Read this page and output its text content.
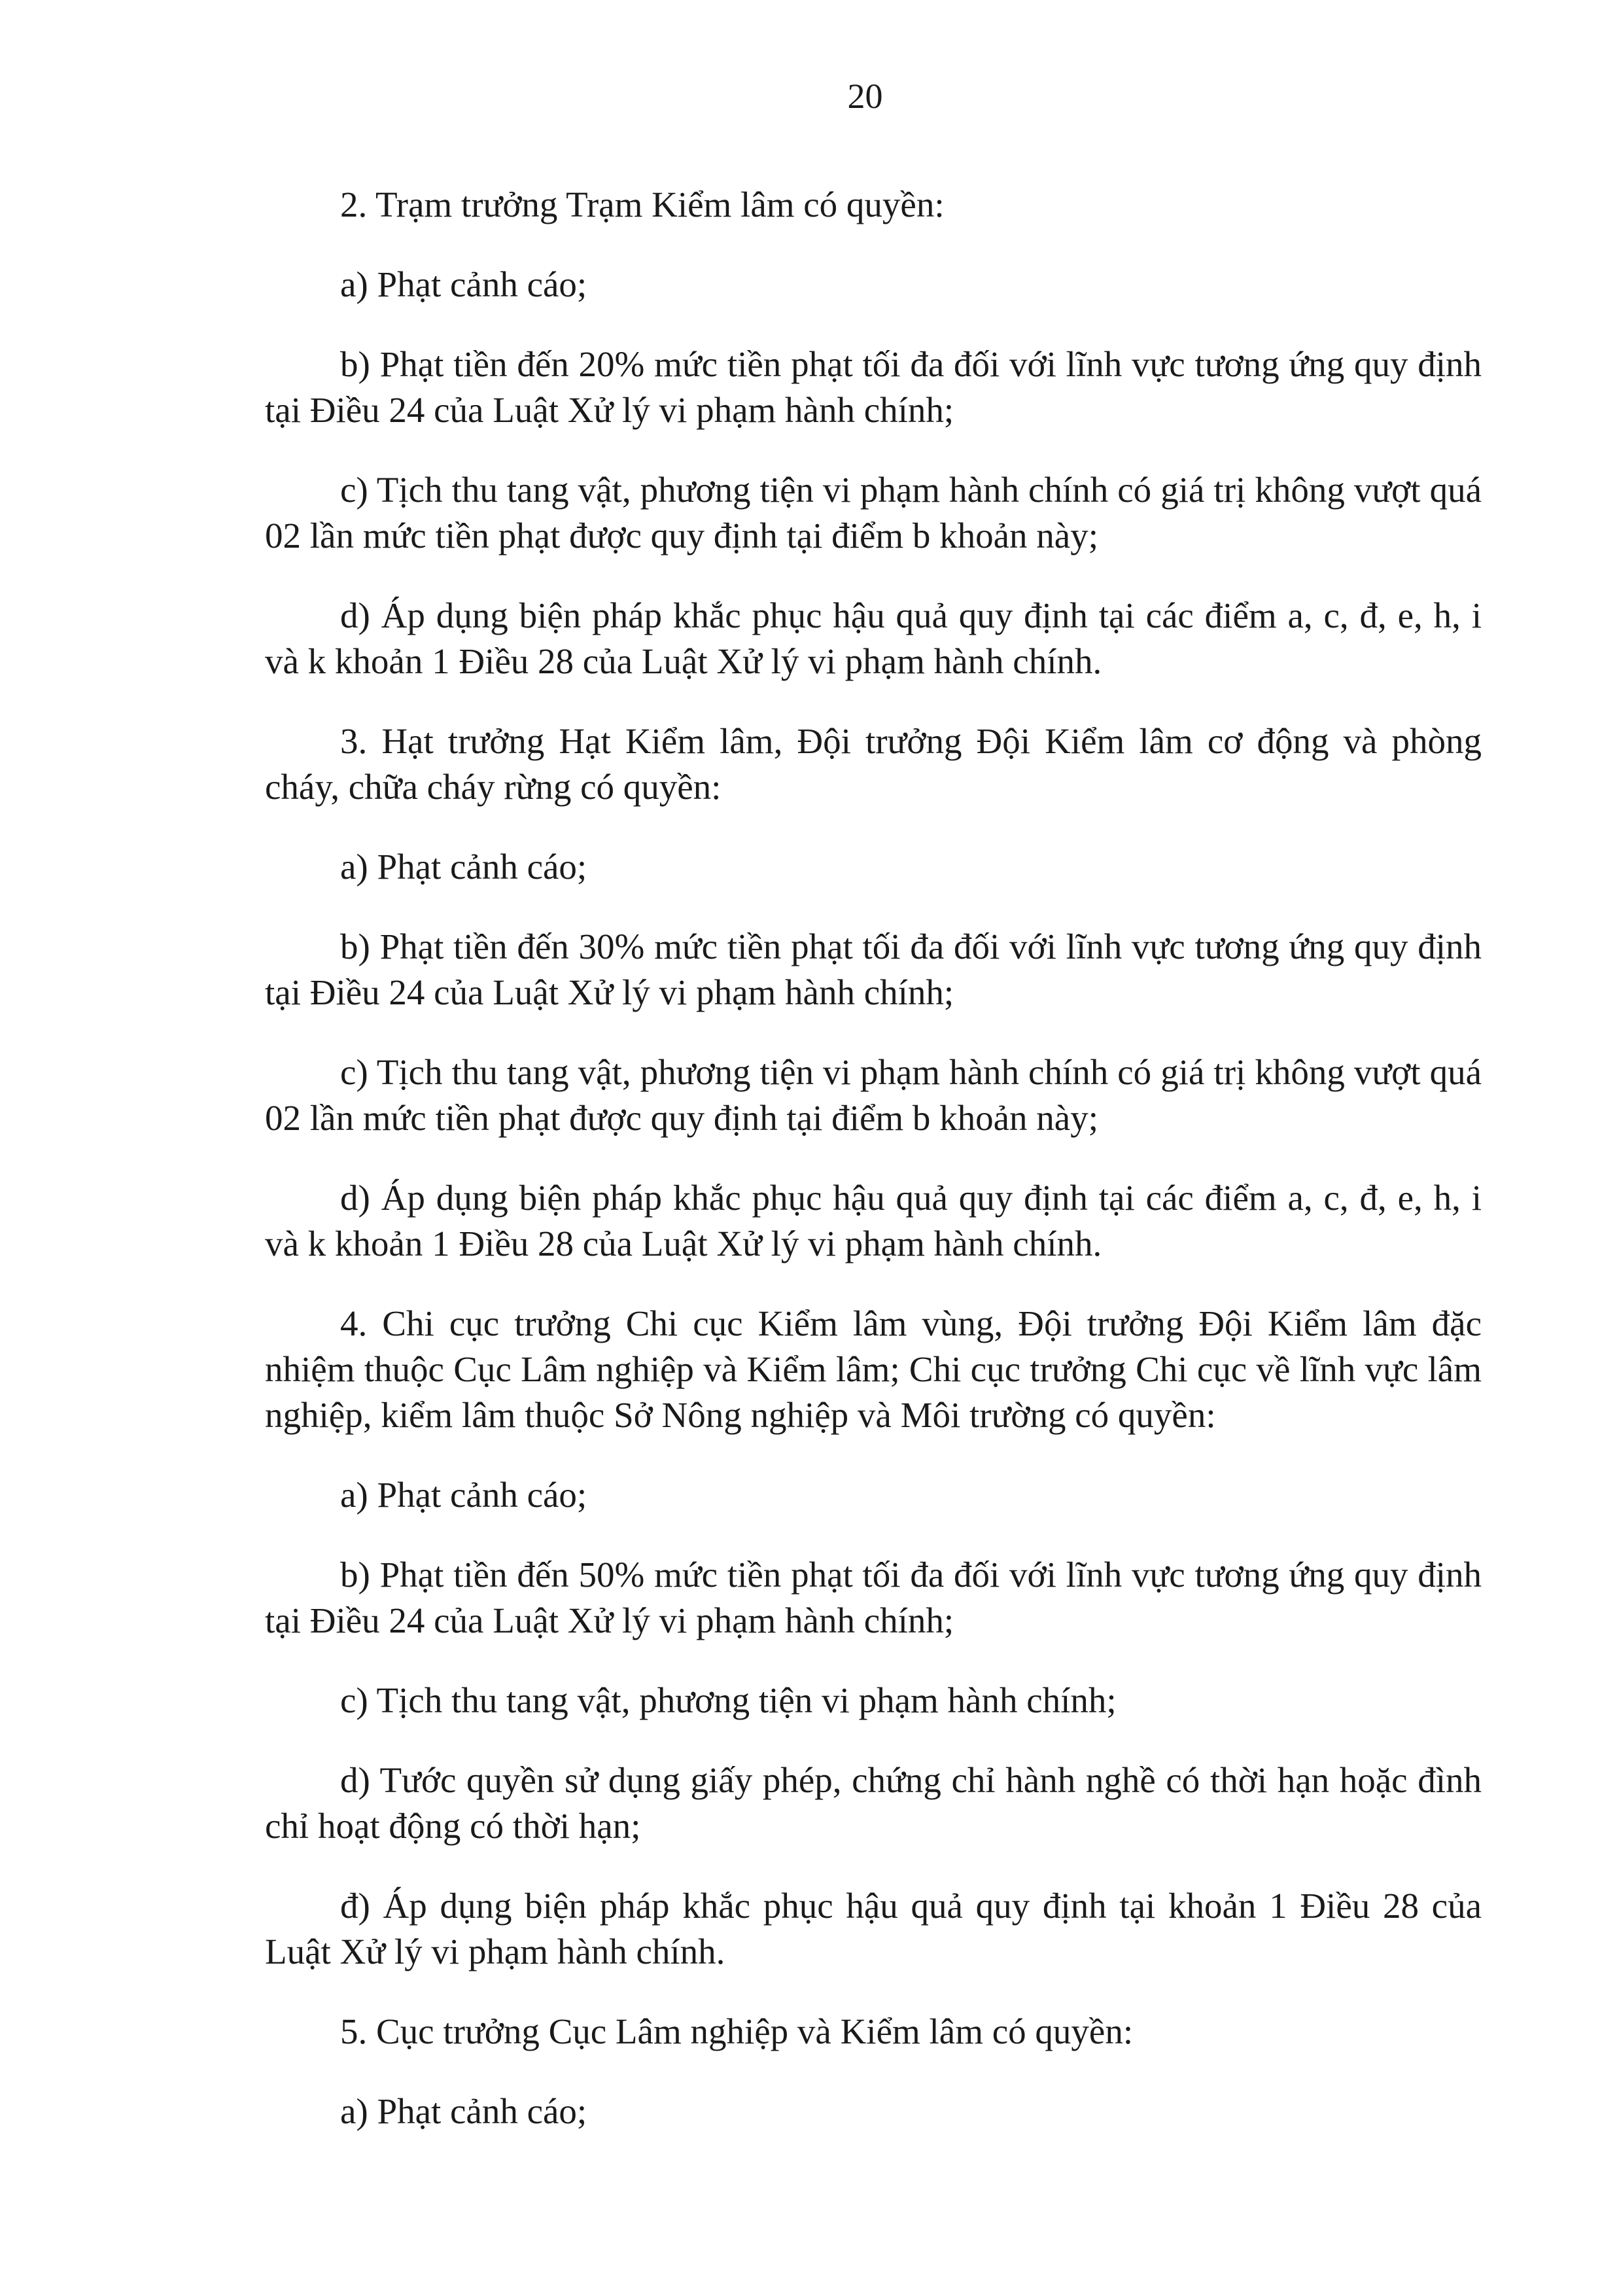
20

2. Trạm trưởng Trạm Kiểm lâm có quyền:

a) Phạt cảnh cáo;

b) Phạt tiền đến 20% mức tiền phạt tối đa đối với lĩnh vực tương ứng quy định tại Điều 24 của Luật Xử lý vi phạm hành chính;

c) Tịch thu tang vật, phương tiện vi phạm hành chính có giá trị không vượt quá 02 lần mức tiền phạt được quy định tại điểm b khoản này;

d) Áp dụng biện pháp khắc phục hậu quả quy định tại các điểm a, c, đ, e, h, i và k khoản 1 Điều 28 của Luật Xử lý vi phạm hành chính.

3. Hạt trưởng Hạt Kiểm lâm, Đội trưởng Đội Kiểm lâm cơ động và phòng cháy, chữa cháy rừng có quyền:

a) Phạt cảnh cáo;

b) Phạt tiền đến 30% mức tiền phạt tối đa đối với lĩnh vực tương ứng quy định tại Điều 24 của Luật Xử lý vi phạm hành chính;

c) Tịch thu tang vật, phương tiện vi phạm hành chính có giá trị không vượt quá 02 lần mức tiền phạt được quy định tại điểm b khoản này;

d) Áp dụng biện pháp khắc phục hậu quả quy định tại các điểm a, c, đ, e, h, i và k khoản 1 Điều 28 của Luật Xử lý vi phạm hành chính.

4. Chi cục trưởng Chi cục Kiểm lâm vùng, Đội trưởng Đội Kiểm lâm đặc nhiệm thuộc Cục Lâm nghiệp và Kiểm lâm; Chi cục trưởng Chi cục về lĩnh vực lâm nghiệp, kiểm lâm thuộc Sở Nông nghiệp và Môi trường có quyền:

a) Phạt cảnh cáo;

b) Phạt tiền đến 50% mức tiền phạt tối đa đối với lĩnh vực tương ứng quy định tại Điều 24 của Luật Xử lý vi phạm hành chính;

c) Tịch thu tang vật, phương tiện vi phạm hành chính;

d) Tước quyền sử dụng giấy phép, chứng chỉ hành nghề có thời hạn hoặc đình chỉ hoạt động có thời hạn;

đ) Áp dụng biện pháp khắc phục hậu quả quy định tại khoản 1 Điều 28 của Luật Xử lý vi phạm hành chính.

5. Cục trưởng Cục Lâm nghiệp và Kiểm lâm có quyền:

a) Phạt cảnh cáo;
